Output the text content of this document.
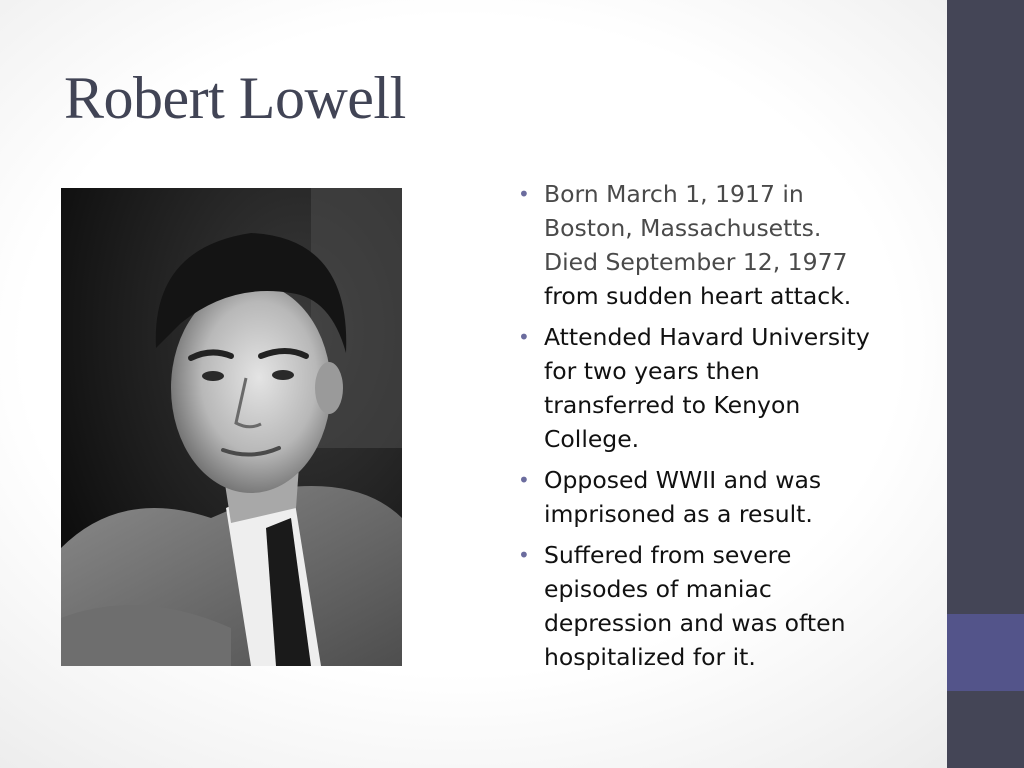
Robert Lowell
• Born March 1, 1917 in
Boston, Massachusetts.
Died September 12, 1977
from sudden heart attack.
• Attended Havard University
for two years then
transferred to Kenyon
College.
• Opposed WWII and was
imprisoned as a result.
• Suffered from severe
episodes of maniac
depression and was often
hospitalized for it.
